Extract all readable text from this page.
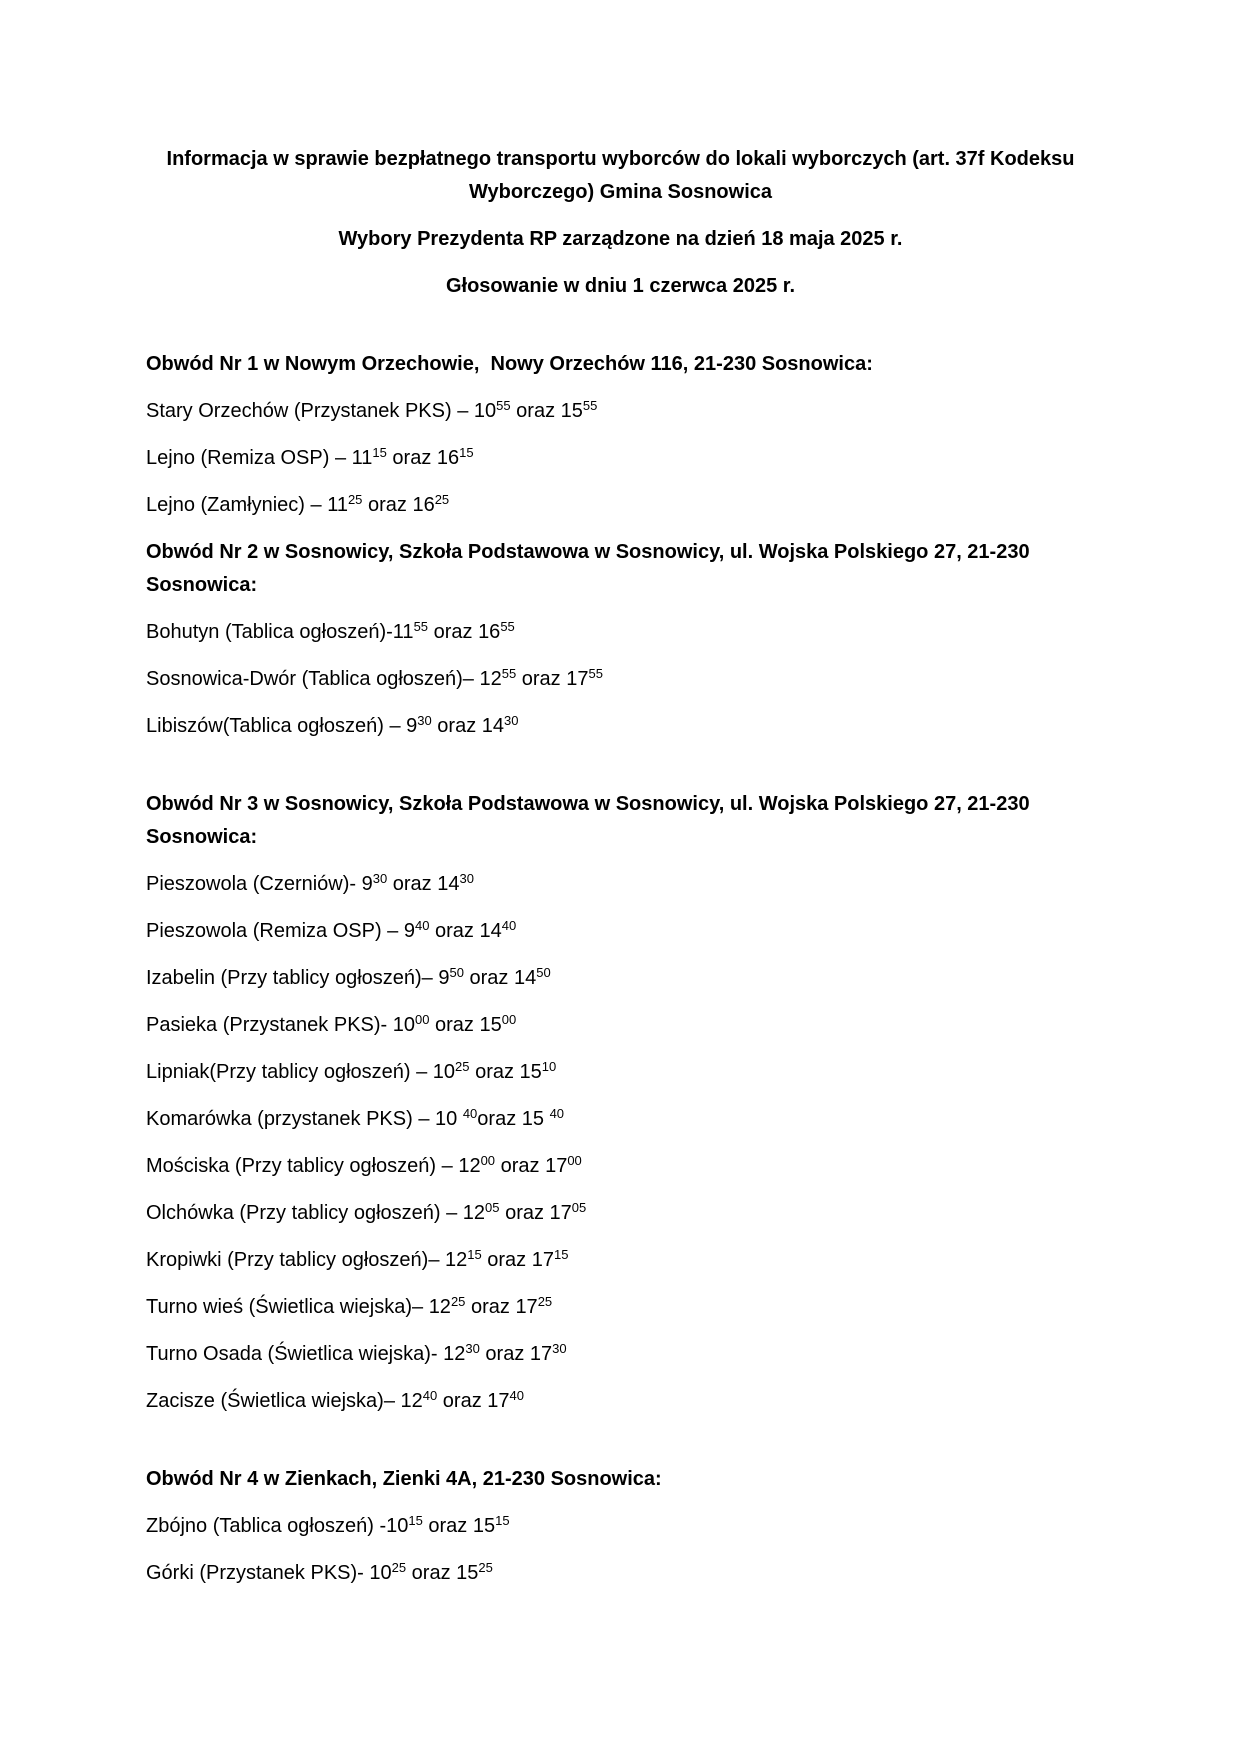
Informacja w sprawie bezpłatnego transportu wyborców do lokali wyborczych (art. 37f Kodeksu
Wyborczego) Gmina Sosnowica

Wybory Prezydenta RP zarządzone na dzień 18 maja 2025 r.

Głosowanie w dniu 1 czerwca 2025 r.

Obwód Nr 1 w Nowym Orzechowie,  Nowy Orzechów 116, 21-230 Sosnowica:

Stary Orzechów (Przystanek $PKS) - 10^{55}$ oraz $15^{55}$

Lejno (Remiza $OSP) - 11^{15}$ oraz $16^{15}$

Lejno (Zamłyniec) – $11^{25}$ oraz $16^{25}$

Obwód Nr 2 w Sosnowicy, Szkoła Podstawowa w Sosnowicy, ul. Wojska Polskiego 27, 21-230
Sosnowica:

Bohutyn (Tablica $ogłoszeń)-11^{55}$ oraz $16^{55}$

Sosnowica-Dwór (Tablica ogłoszeń)– $12^{55}$ oraz $17^{55}$

Libiszów(Tablica ogłoszeń) – $9^{30}$ oraz $14^{30}$

Obwód Nr 3 w Sosnowicy, Szkoła Podstawowa w Sosnowicy, ul. Wojska Polskiego 27, 21-230
Sosnowica:

Pieszowola (Czerniów)- $9^{30}$ oraz $14^{30}$

Pieszowola (Remiza $OSP) - 9^{40}$ oraz $14^{40}$

Izabelin (Przy tablicy ogłoszeń)– $9^{50}$ oraz $14^{50}$

Pasieka (Przystanek PKS)- $10^{00}$ oraz $15^{00}$

Lipniak(Przy tablicy ogłoszeń) – $10^{25}$ oraz $15^{10}$

Komarówka (przystanek PKS) – 10 $^{40}$oraz 15 $^{40}$

Mościska (Przy tablicy ogłoszeń) – $12^{00}$ oraz $17^{00}$

Olchówka (Przy tablicy ogłoszeń) – $12^{05}$ oraz $17^{05}$

Kropiwki (Przy tablicy ogłoszeń)– $12^{15}$ oraz $17^{15}$

Turno wieś (Świetlica wiejska)– $12^{25}$ oraz $17^{25}$

Turno Osada (Świetlica wiejska)- $12^{30}$ oraz $17^{30}$

Zacisze (Świetlica wiejska)– $12^{40}$ oraz $17^{40}$

Obwód Nr 4 w Zienkach, Zienki 4A, 21-230 Sosnowica:

Zbójno (Tablica ogłoszeń) $-10^{15}$ oraz $15^{15}$

Górki (Przystanek PKS)- $10^{25}$ oraz $15^{25}$
